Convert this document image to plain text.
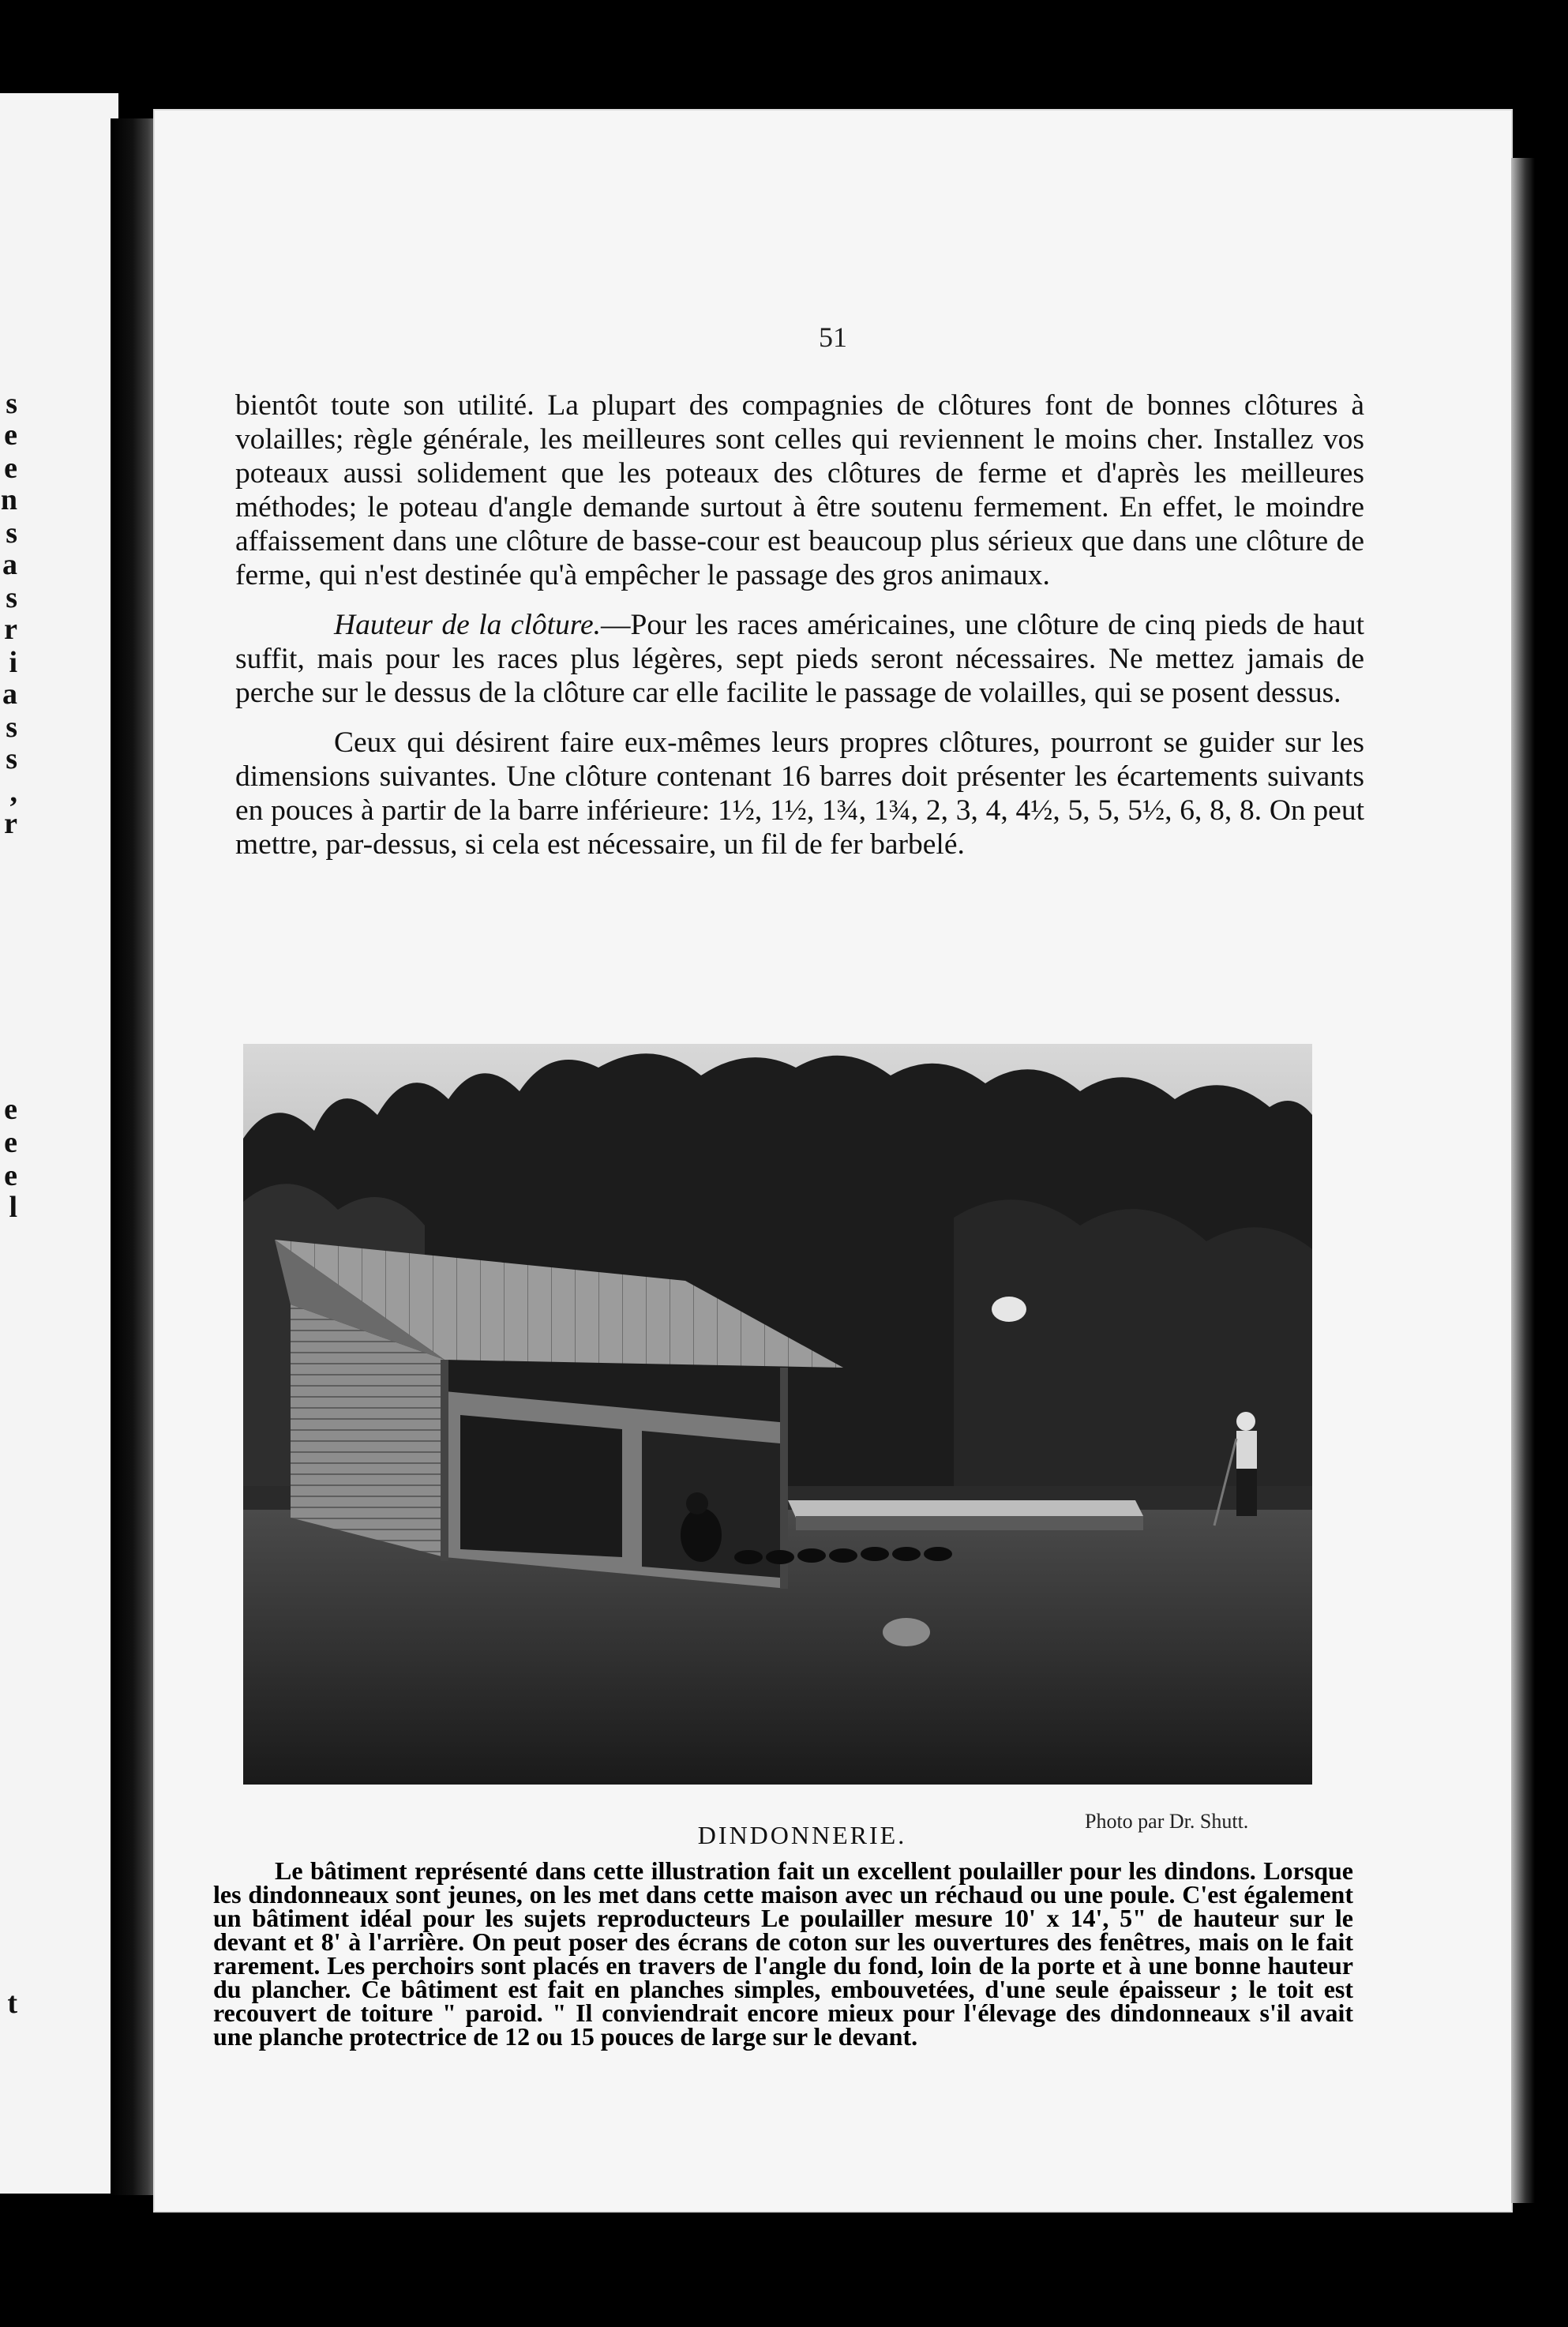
s
e
e
n
s
a
s
r
i
a
s
s
,
r
e
e
e
l
t
51

bientôt toute son utilité. La plupart des compagnies de clôtures font de bonnes clôtures à volailles; règle générale, les meilleures sont celles qui reviennent le moins cher. Installez vos poteaux aussi solidement que les poteaux des clôtures de ferme et d'après les meilleures méthodes; le poteau d'angle demande surtout à être soutenu fermement. En effet, le moindre affaissement dans une clôture de basse-cour est beaucoup plus sérieux que dans une clôture de ferme, qui n'est destinée qu'à empêcher le passage des gros animaux.

Hauteur de la clôture.—Pour les races américaines, une clôture de cinq pieds de haut suffit, mais pour les races plus légères, sept pieds seront nécessaires. Ne mettez jamais de perche sur le dessus de la clôture car elle facilite le passage de volailles, qui se posent dessus.

Ceux qui désirent faire eux-mêmes leurs propres clôtures, pourront se guider sur les dimensions suivantes. Une clôture contenant 16 barres doit présenter les écartements suivants en pouces à partir de la barre inférieure: 1½, 1½, 1¾, 1¾, 2, 3, 4, 4½, 5, 5, 5½, 6, 8, 8. On peut mettre, par-dessus, si cela est nécessaire, un fil de fer barbelé.

DINDONNERIE.	Photo par Dr. Shutt.

Le bâtiment représenté dans cette illustration fait un excellent poulailler pour les dindons. Lorsque les dindonneaux sont jeunes, on les met dans cette maison avec un réchaud ou une poule. C'est également un bâtiment idéal pour les sujets reproducteurs Le poulailler mesure 10' x 14', 5" de hauteur sur le devant et 8' à l'arrière. On peut poser des écrans de coton sur les ouvertures des fenêtres, mais on le fait rarement. Les perchoirs sont placés en travers de l'angle du fond, loin de la porte et à une bonne hauteur du plancher. Ce bâtiment est fait en planches simples, embouvetées, d'une seule épaisseur ; le toit est recouvert de toiture " paroid. " Il conviendrait encore mieux pour l'élevage des dindonneaux s'il avait une planche protectrice de 12 ou 15 pouces de large sur le devant.
